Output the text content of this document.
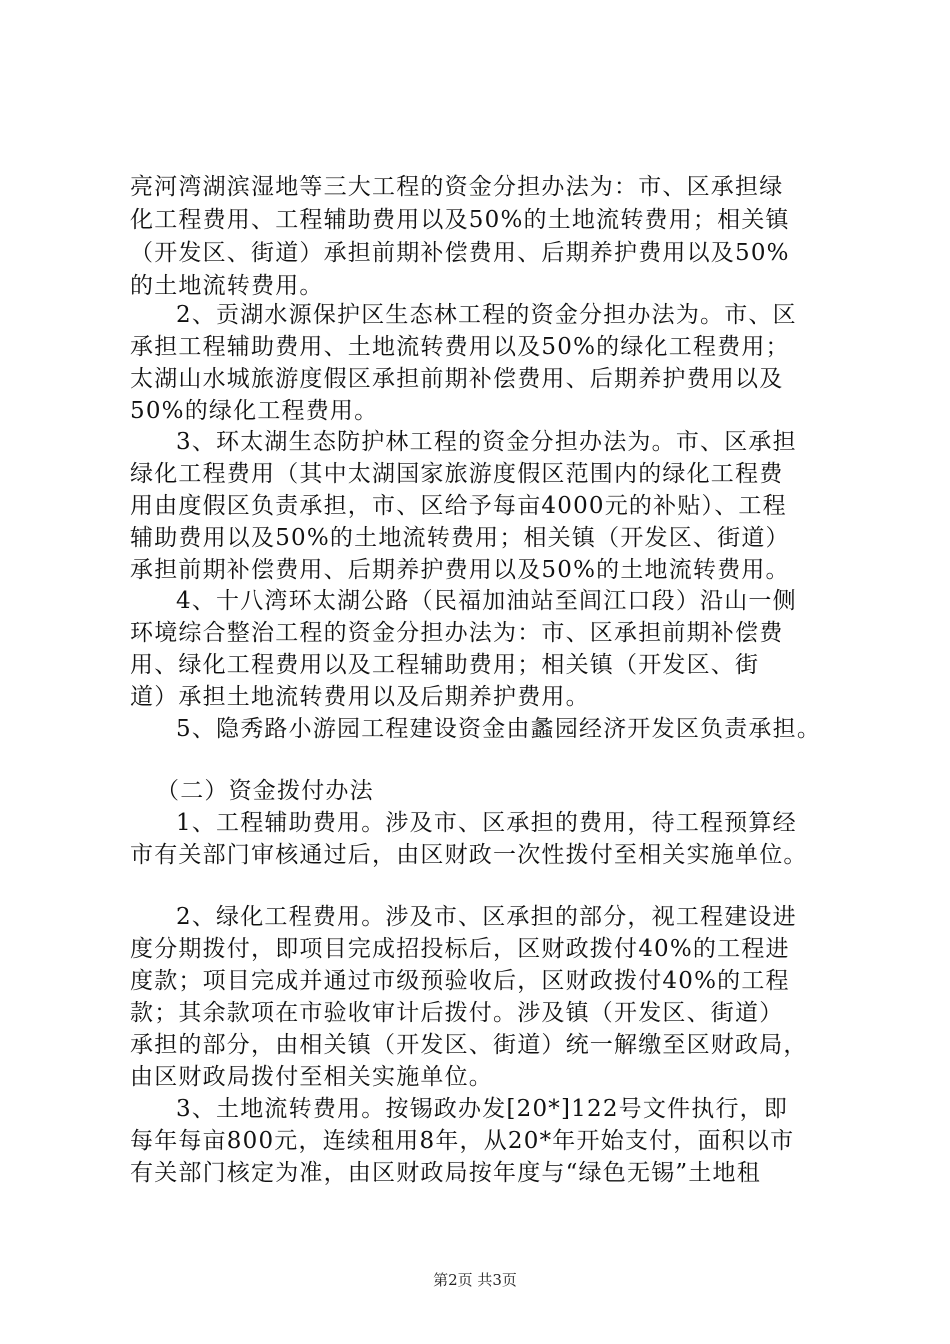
亮河湾湖滨湿地等三大工程的资金分担办法为：市、区承担绿
化工程费用、工程辅助费用以及50%的土地流转费用；相关镇
（开发区、街道）承担前期补偿费用、后期养护费用以及50%
的土地流转费用。
2、贡湖水源保护区生态林工程的资金分担办法为。市、区
承担工程辅助费用、土地流转费用以及50%的绿化工程费用；
太湖山水城旅游度假区承担前期补偿费用、后期养护费用以及
50%的绿化工程费用。
3、环太湖生态防护林工程的资金分担办法为。市、区承担
绿化工程费用（其中太湖国家旅游度假区范围内的绿化工程费
用由度假区负责承担，市、区给予每亩4000元的补贴）、工程
辅助费用以及50%的土地流转费用；相关镇（开发区、街道）
承担前期补偿费用、后期养护费用以及50%的土地流转费用。
4、十八湾环太湖公路（民福加油站至闾江口段）沿山一侧
环境综合整治工程的资金分担办法为：市、区承担前期补偿费
用、绿化工程费用以及工程辅助费用；相关镇（开发区、街
道）承担土地流转费用以及后期养护费用。
5、隐秀路小游园工程建设资金由蠡园经济开发区负责承担。
（二）资金拨付办法
1、工程辅助费用。涉及市、区承担的费用，待工程预算经
市有关部门审核通过后，由区财政一次性拨付至相关实施单位。
2、绿化工程费用。涉及市、区承担的部分，视工程建设进
度分期拨付，即项目完成招投标后，区财政拨付40%的工程进
度款；项目完成并通过市级预验收后，区财政拨付40%的工程
款；其余款项在市验收审计后拨付。涉及镇（开发区、街道）
承担的部分，由相关镇（开发区、街道）统一解缴至区财政局，
由区财政局拨付至相关实施单位。
3、土地流转费用。按锡政办发[20*]122号文件执行，即
每年每亩800元，连续租用8年，从20*年开始支付，面积以市
有关部门核定为准，由区财政局按年度与“绿色无锡”土地租
第2页 共3页
